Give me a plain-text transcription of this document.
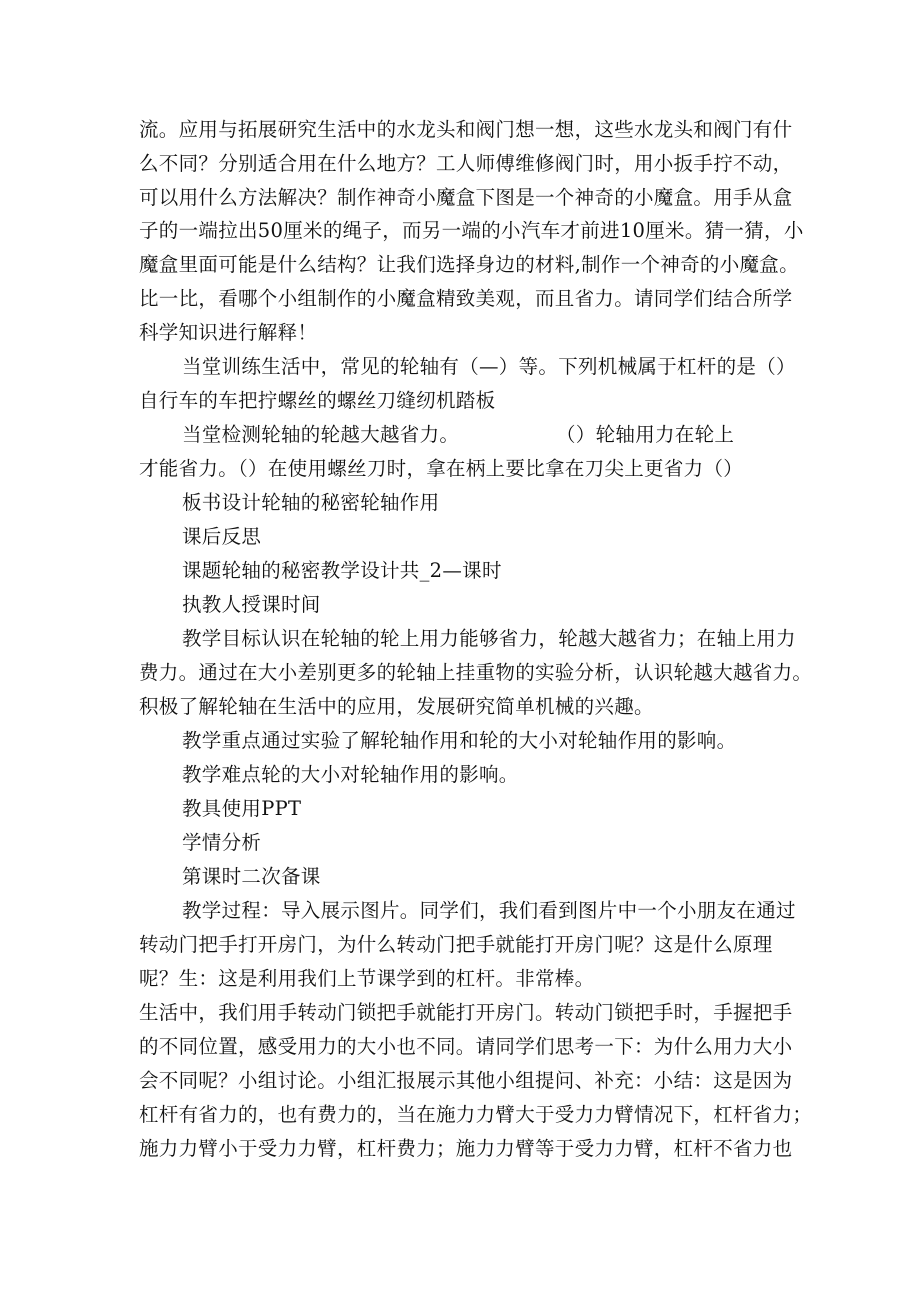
流。应用与拓展研究生活中的水龙头和阀门想一想，这些水龙头和阀门有什
么不同？分别适合用在什么地方？工人师傅维修阀门时，用小扳手拧不动，
可以用什么方法解决？制作神奇小魔盒下图是一个神奇的小魔盒。用手从盒
子的一端拉出50厘米的绳子，而另一端的小汽车才前进10厘米。猜一猜，小
魔盒里面可能是什么结构？让我们选择身边的材料,制作一个神奇的小魔盒。
比一比，看哪个小组制作的小魔盒精致美观，而且省力。请同学们结合所学
科学知识进行解释！
当堂训练生活中，常见的轮轴有（—）等。下列机械属于杠杆的是（）
自行车的车把拧螺丝的螺丝刀缝纫机踏板
当堂检测轮轴的轮越大越省力。	（）轮轴用力在轮上
才能省力。（）在使用螺丝刀时，拿在柄上要比拿在刀尖上更省力（）
板书设计轮轴的秘密轮轴作用
课后反思
课题轮轴的秘密教学设计共_2—课时
执教人授课时间
教学目标认识在轮轴的轮上用力能够省力，轮越大越省力；在轴上用力
费力。通过在大小差别更多的轮轴上挂重物的实验分析，认识轮越大越省力。
积极了解轮轴在生活中的应用，发展研究简单机械的兴趣。
教学重点通过实验了解轮轴作用和轮的大小对轮轴作用的影响。
教学难点轮的大小对轮轴作用的影响。
教具使用PPT
学情分析
第课时二次备课
教学过程：导入展示图片。同学们，我们看到图片中一个小朋友在通过
转动门把手打开房门，为什么转动门把手就能打开房门呢？这是什么原理
呢？生：这是利用我们上节课学到的杠杆。非常棒。
生活中，我们用手转动门锁把手就能打开房门。转动门锁把手时，手握把手
的不同位置，感受用力的大小也不同。请同学们思考一下：为什么用力大小
会不同呢？小组讨论。小组汇报展示其他小组提问、补充：小结：这是因为
杠杆有省力的，也有费力的，当在施力力臂大于受力力臂情况下，杠杆省力；
施力力臂小于受力力臂，杠杆费力；施力力臂等于受力力臂，杠杆不省力也
